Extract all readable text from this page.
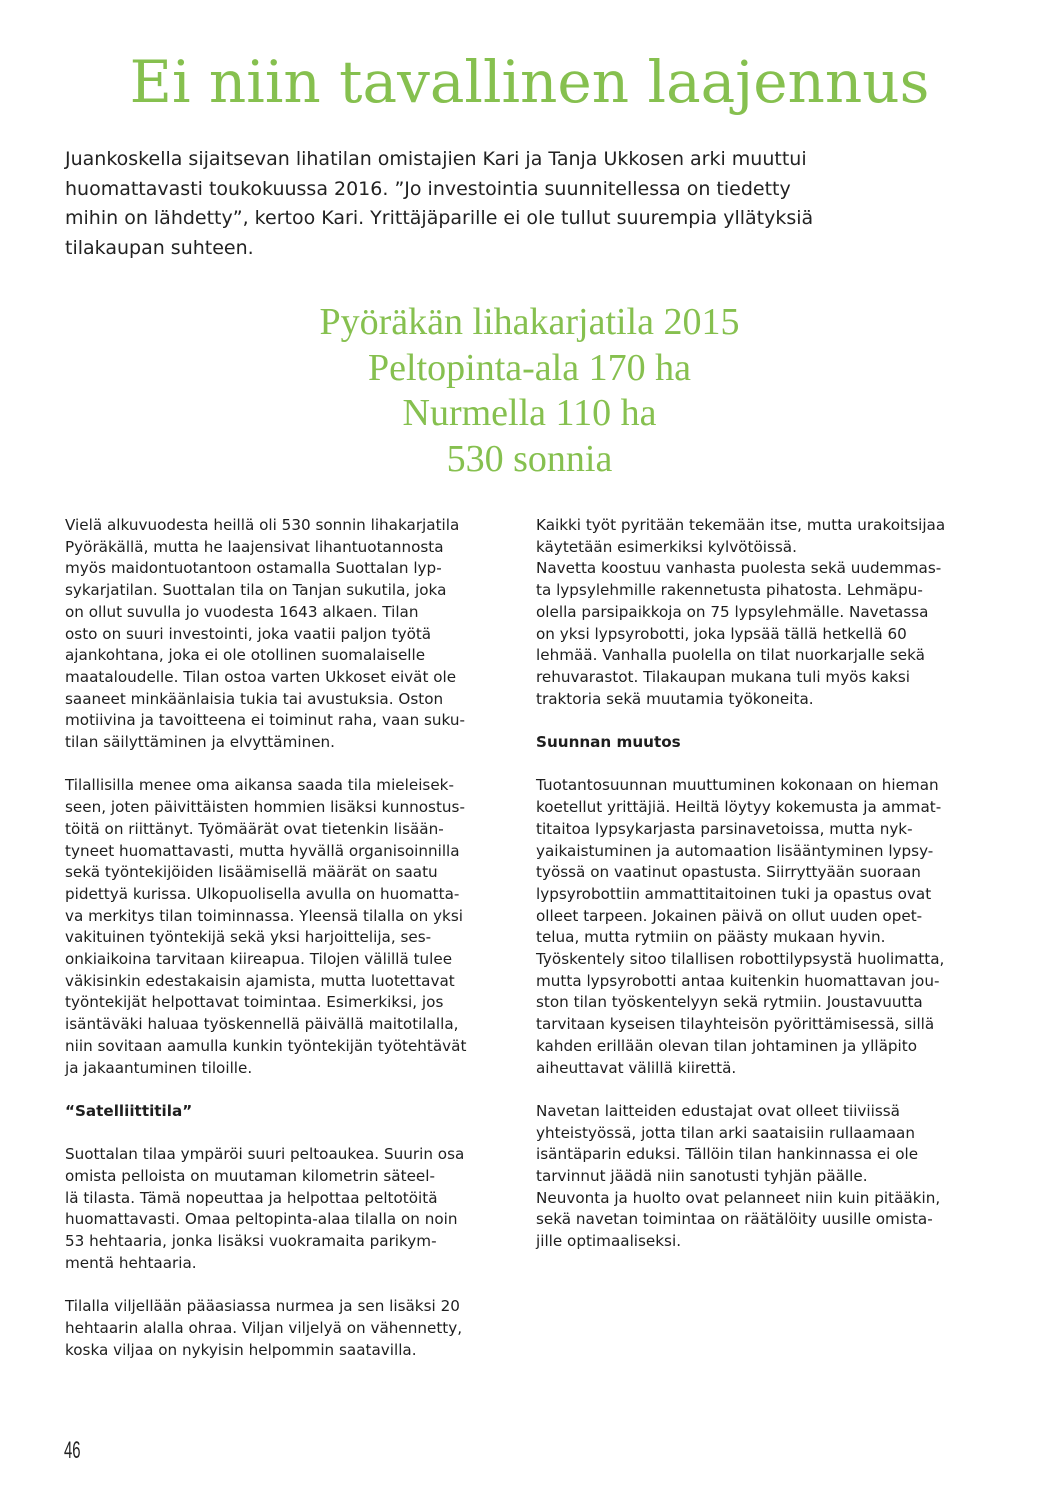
Ei niin tavallinen laajennus
Juankoskella sijaitsevan lihatilan omistajien Kari ja Tanja Ukkosen arki muuttui
huomattavasti toukokuussa 2016. ”Jo investointia suunnitellessa on tiedetty
mihin on lähdetty”, kertoo Kari. Yrittäjäparille ei ole tullut suurempia yllätyksiä
tilakaupan suhteen.
Pyöräkän lihakarjatila 2015
Peltopinta-ala 170 ha
Nurmella 110 ha
530 sonnia
Vielä alkuvuodesta heillä oli 530 sonnin lihakarjatila
Pyöräkällä, mutta he laajensivat lihantuotannosta
myös maidontuotantoon ostamalla Suottalan lyp-
sykarjatilan. Suottalan tila on Tanjan sukutila, joka
on ollut suvulla jo vuodesta 1643 alkaen. Tilan
osto on suuri investointi, joka vaatii paljon työtä
ajankohtana, joka ei ole otollinen suomalaiselle
maataloudelle. Tilan ostoa varten Ukkoset eivät ole
saaneet minkäänlaisia tukia tai avustuksia. Oston
motiivina ja tavoitteena ei toiminut raha, vaan suku-
tilan säilyttäminen ja elvyttäminen.
Tilallisilla menee oma aikansa saada tila mieleisek-
seen, joten päivittäisten hommien lisäksi kunnostus-
töitä on riittänyt. Työmäärät ovat tietenkin lisään-
tyneet huomattavasti, mutta hyvällä organisoinnilla
sekä työntekijöiden lisäämisellä määrät on saatu
pidettyä kurissa. Ulkopuolisella avulla on huomatta-
va merkitys tilan toiminnassa. Yleensä tilalla on yksi
vakituinen työntekijä sekä yksi harjoittelija, ses-
onkiaikoina tarvitaan kiireapua. Tilojen välillä tulee
väkisinkin edestakaisin ajamista, mutta luotettavat
työntekijät helpottavat toimintaa. Esimerkiksi, jos
isäntäväki haluaa työskennellä päivällä maitotilalla,
niin sovitaan aamulla kunkin työntekijän työtehtävät
ja jakaantuminen tiloille.
“Satelliittitila”
Suottalan tilaa ympäröi suuri peltoaukea. Suurin osa
omista pelloista on muutaman kilometrin säteel-
lä tilasta. Tämä nopeuttaa ja helpottaa peltotöitä
huomattavasti. Omaa peltopinta-alaa tilalla on noin
53 hehtaaria, jonka lisäksi vuokramaita parikym-
mentä hehtaaria.
Tilalla viljellään pääasiassa nurmea ja sen lisäksi 20
hehtaarin alalla ohraa. Viljan viljelyä on vähennetty,
koska viljaa on nykyisin helpommin saatavilla.
Kaikki työt pyritään tekemään itse, mutta urakoitsijaa
käytetään esimerkiksi kylvötöissä.
Navetta koostuu vanhasta puolesta sekä uudemmas-
ta lypsylehmille rakennetusta pihatosta. Lehmäpu-
olella parsipaikkoja on 75 lypsylehmälle. Navetassa
on yksi lypsyrobotti, joka lypsää tällä hetkellä 60
lehmää. Vanhalla puolella on tilat nuorkarjalle sekä
rehuvarastot. Tilakaupan mukana tuli myös kaksi
traktoria sekä muutamia työkoneita.
Suunnan muutos
Tuotantosuunnan muuttuminen kokonaan on hieman
koetellut yrittäjiä. Heiltä löytyy kokemusta ja ammat-
titaitoa lypsykarjasta parsinavetoissa, mutta nyk-
yaikaistuminen ja automaation lisääntyminen lypsy-
työssä on vaatinut opastusta. Siirryttyään suoraan
lypsyrobottiin ammattitaitoinen tuki ja opastus ovat
olleet tarpeen. Jokainen päivä on ollut uuden opet-
telua, mutta rytmiin on päästy mukaan hyvin.
Työskentely sitoo tilallisen robottilypsystä huolimatta,
mutta lypsyrobotti antaa kuitenkin huomattavan jou-
ston tilan työskentelyyn sekä rytmiin. Joustavuutta
tarvitaan kyseisen tilayhteisön pyörittämisessä, sillä
kahden erillään olevan tilan johtaminen ja ylläpito
aiheuttavat välillä kiirettä.
Navetan laitteiden edustajat ovat olleet tiiviissä
yhteistyössä, jotta tilan arki saataisiin rullaamaan
isäntäparin eduksi. Tällöin tilan hankinnassa ei ole
tarvinnut jäädä niin sanotusti tyhjän päälle.
Neuvonta ja huolto ovat pelanneet niin kuin pitääkin,
sekä navetan toimintaa on räätälöity uusille omista-
jille optimaaliseksi.
46
